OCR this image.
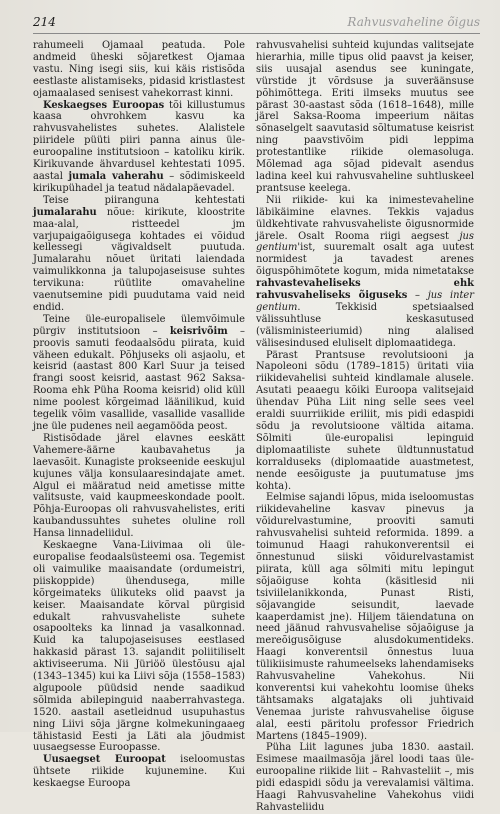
214	Rahvusvaheline õigus

rahumeeli Ojamaal peatuda. Pole andmeid üheski sõjaretkest Ojamaa vastu. Ning isegi siis, kui käis ristisõda eestlaste alistamiseks, pidasid kristlastest ojamaalased senisest vahekorrast kinni.

Keskaegses Euroopas tõi killustumus kaasa ohvrohkem kasvu ka rahvusvahelistes suhetes. Alalistele piiridele püüti piiri panna ainus üle-euroopaline institutsioon – katoliku kirik. Kirikuvande ähvardusel kehtestati 1095. aastal jumala vaherahu – sõdimiskeeld kirikupühadel ja teatud nädalapäevadel.

Teise piiranguna kehtestati jumalarahu nõue: kirikute, kloostrite maa-alal, ristteedel jm varjupaigaõigusega kohtades ei võidud kellessegi vägivaldselt puutuda. Jumalarahu nõuet üritati laiendada vaimulikkonna ja talupojaseisuse suhtes tervikuna: rüütlite omavaheline vaenutsemine pidi puudutama vaid neid endid.

Teine üle-europalisele ülemvõimule pürgiv institutsioon – keisrivõim – proovis samuti feodaalsõdu piirata, kuid väheen edukalt. Põhjuseks oli asjaolu, et keisrid (aastast 800 Karl Suur ja teised frangi soost keisrid, aastast 962 Saksa-Rooma ehk Püha Rooma keisrid) olid küll nime poolest kõrgeimad läänilikud, kuid tegelik võim vasallide, vasallide vasallide jne üle pudenes neil aegamööda peost.

Ristisõdade järel elavnes eeskätt Vahemere-äärne kaubavahetus ja laevasõit. Kunagiste prokseenide eeskujul kujunes välja konsulaaresindajate amet. Algul ei määratud neid ametisse mitte valitsuste, vaid kaupmeeskondade poolt. Põhja-Euroopas oli rahvusvahelistes, eriti kaubandussuhtes suhetes oluline roll Hansa linnadeliidul.

Keskaegne Vana-Liivimaa oli üle-europalise feodaalsüsteemi osa. Tegemist oli vaimulike maaisandate (ordumeistri, piiskoppide) ühendusega, mille kõrgeimateks ülikuteks olid paavst ja keiser. Maaisandate kõrval pürgisid edukalt rahvusvaheliste suhete osapoolteks ka linnad ja vasalkonnad. Kuid ka talupojaseisuses eestlased hakkasid pärast 13. sajandit poliitiliselt aktiviseeruma. Nii Jüriöö ülestõusu ajal (1343–1345) kui ka Liivi sõja (1558–1583) algupoole püüdsid nende saadikud sõlmida abilepinguid naaberrahvastega. 1520. aastail asetleidnud usupuhastus ning Liivi sõja järgne kolmekuningaaeg tähistasid Eesti ja Läti ala jõudmist uusaegsesse Euroopasse.

Uusaegset Euroopat iseloomustas ühtsete riikide kujunemine. Kui keskaegse Euroopa

rahvusvahelisi suhteid kujundas valitsejate hierarhia, mille tipus olid paavst ja keiser, siis uusajal asendus see kuningate, vürstide jt võrdsuse ja suveräänsuse põhimõttega. Eriti ilmseks muutus see pärast 30-aastast sõda (1618–1648), mille järel Saksa-Rooma impeerium näitas sõnaselgelt saavutasid sõltumatuse keisrist ning paavstivõim pidi leppima protestantlike riikide olemasoluga. Mõlemad aga sõjad pidevalt asendus ladina keel kui rahvusvaheline suhtluskeel prantsuse keelega.

Nii riikide- kui ka inimestevaheline läbikäimine elavnes. Tekkis vajadus üldkehtivate rahvusvaheliste õigusnormide järele. Osalt Rooma riigi aegsest jus gentium'ist, suuremalt osalt aga uutest normidest ja tavadest arenes õiguspõhimõtete kogum, mida nimetatakse rahvastevaheliseks ehk rahvusvaheliseks õiguseks – jus inter gentium. Tekkisid spetsiaalsed välissuhtluse keskasutused (välisministeeriumid) ning alalised välisesindused eluliselt diplomaatidega.

Pärast Prantsuse revolutsiooni ja Napoleoni sõdu (1789–1815) üritati viia riikidevahelisi suhteid kindlamale alusele. Asutati peaaegu kõiki Euroopa valitsejaid ühendav Püha Liit ning selle sees veel eraldi suurriikide eriliit, mis pidi edaspidi sõdu ja revolutsioone vältida aitama. Sõlmiti üle-europalisi lepinguid diplomaatiliste suhete üldtunnustatud korralduseks (diplomaatide auastmetest, nende eesõiguste ja puutumatuse jms kohta).

Eelmise sajandi lõpus, mida iseloomustas riikidevaheline kasvav pinevus ja võidurelvastumine, prooviti samuti rahvusvahelisi suhteid reformida. 1899. a toimunud Haagi rahukonverentsil ei õnnestunud siiski võidurelvastamist piirata, küll aga sõlmiti mitu lepingut sõjaõiguse kohta (käsitlesid nii tsiviilelanikkonda, Punast Risti, sõjavangide seisundit, laevade kaaperdamist jne). Hiljem täiendatuna on need jäänud rahvusvahelise sõjaõiguse ja mereõigusõiguse alusdokumentideks. Haagi konverentsil õnnestus luua tülikiisimuste rahumeelseks lahendamiseks Rahvusvaheline Vahekohus. Nii konverentsi kui vahekohtu loomise üheks tähtsamaks algatajaks oli juhtivaid Venemaa juriste rahvusvahelise õiguse alal, eesti päritolu professor Friedrich Martens (1845–1909).

Püha Liit lagunes juba 1830. aastail. Esimese maailmasõja järel loodi taas üle-euroopaline riikide liit – Rahvasteliit –, mis pidi edaspidi sõdu ja verevalamisi vältima. Haagi Rahvusvaheline Vahekohus viidi Rahvasteliidu
